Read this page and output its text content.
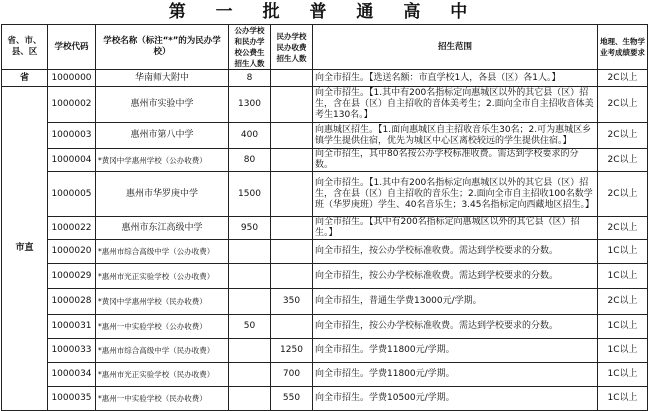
第 一 批 普 通 高 中
省、市、县、区	学校代码	学校名称（标注“*”的为民办学校）	公办学校和民办学校公费生招生人数	民办学校民办收费招生人数	招生范围	地理、生物学业考成绩要求
省	1000000	华南师大附中	8		向全市招生。【选送名额：市直学校1人，各县（区）各1人。】	2C以上
市直	1000002	惠州市实验中学	1300		向全市招生。【1.其中有200名指标定向惠城区以外的其它县（区）招生，含在县（区）自主招收的音体美考生；2.面向全市自主招收音体美考生130名。】	2C以上
	1000003	惠州市第八中学	400		向惠城区招生。【1.面向惠城区自主招收音乐生30名；2.可为惠城区乡镇学生提供住宿，优先为城区中心区离校较远的学生提供住宿。】	2C以上
	1000004	*黄冈中学惠州学校（公办收费）	80		向全市招生，其中80名按公办学校标准收费。需达到学校要求的分数。	2C以上
	1000005	惠州市华罗庚中学	1500		向全市招生。【1.其中有200名指标定向惠城区以外的其它县（区）招生，含在县（区）自主招收的音乐生；2.面向全市自主招收100名数学班（华罗庚班）学生、40名音乐生；3.45名指标定向西藏地区招生。】	2C以上
	1000022	惠州市东江高级中学	950		向全市招生。【其中有200名指标定向惠城区以外的其它县（区）招生。】	2C以上
	1000020	*惠州市综合高级中学（公办收费）			向全市招生，按公办学校标准收费。需达到学校要求的分数。	1C以上
	1000029	*惠州市光正实验学校（公办收费）			向全市招生，按公办学校标准收费。需达到学校要求的分数。	1C以上
	1000028	*黄冈中学惠州学校（民办收费）		350	向全市招生，普通生学费13000元/学期。	2C以上
	1000031	*惠州一中实验学校（公办收费）	50		向全市招生，按公办学校标准收费。需达到学校要求的分数。	1C以上
	1000033	*惠州市综合高级中学（民办收费）		1250	向全市招生。学费11800元/学期。	1C以上
	1000034	*惠州市光正实验学校（民办收费）		700	向全市招生。学费11800元/学期。	1C以上
	1000035	*惠州一中实验学校（民办收费）		550	向全市招生。学费10500元/学期。	1C以上
